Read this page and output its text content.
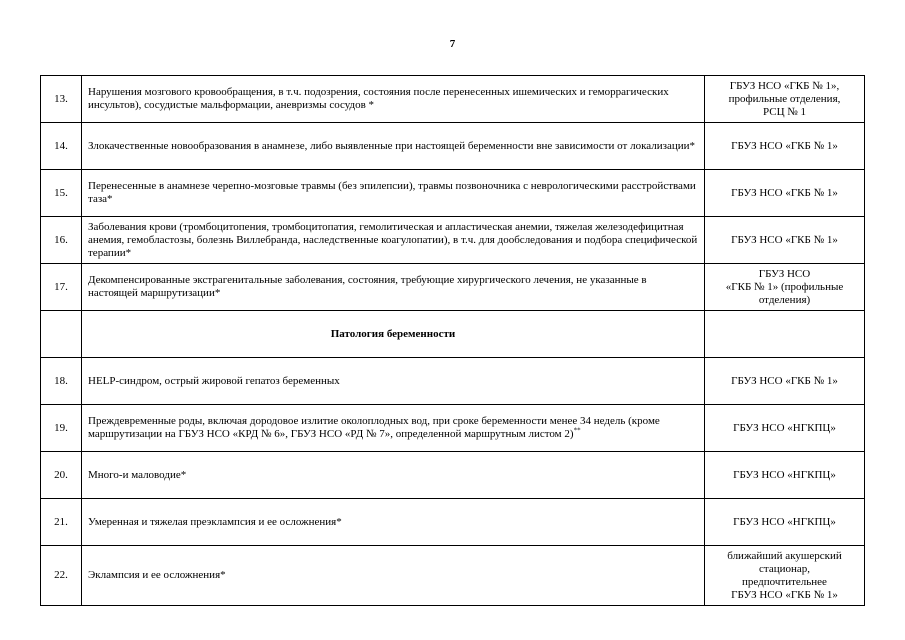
7
13.	Нарушения мозгового кровообращения, в т.ч. подозрения, состояния после перенесенных ишемических и геморрагических инсультов), сосудистые мальформации, аневризмы сосудов *	ГБУЗ НСО «ГКБ № 1»,
профильные отделения,
РСЦ № 1
14.	Злокачественные новообразования в анамнезе, либо выявленные при настоящей беременности вне зависимости от локализации*	ГБУЗ НСО «ГКБ № 1»
15.	Перенесенные в анамнезе черепно-мозговые травмы (без эпилепсии), травмы позвоночника с неврологическими расстройствами таза*	ГБУЗ НСО «ГКБ № 1»
16.	Заболевания крови (тромбоцитопения, тромбоцитопатия, гемолитическая и апластическая анемии, тяжелая железодефицитная анемия, гемобластозы, болезнь Виллебранда, наследственные коагулопатии), в т.ч. для дообследования и подбора специфической терапии*	ГБУЗ НСО «ГКБ № 1»
17.	Декомпенсированные экстрагенитальные заболевания, состояния, требующие хирургического лечения, не указанные в настоящей маршрутизации*	ГБУЗ НСО
«ГКБ № 1» (профильные
отделения)
	Патология беременности	
18.	HELP-синдром, острый жировой гепатоз беременных	ГБУЗ НСО «ГКБ № 1»
19.	Преждевременные роды, включая дородовое излитие околоплодных вод, при сроке беременности менее 34 недель (кроме маршрутизации на ГБУЗ НСО «КРД № 6», ГБУЗ НСО «РД № 7», определенной маршрутным листом 2)**	ГБУЗ НСО «НГКПЦ»
20.	Много-и маловодие*	ГБУЗ НСО «НГКПЦ»
21.	Умеренная и тяжелая преэклампсия и ее осложнения*	ГБУЗ НСО «НГКПЦ»
22.	Эклампсия и ее осложнения*	ближайший акушерский
стационар,
предпочтительнее
ГБУЗ НСО «ГКБ № 1»
